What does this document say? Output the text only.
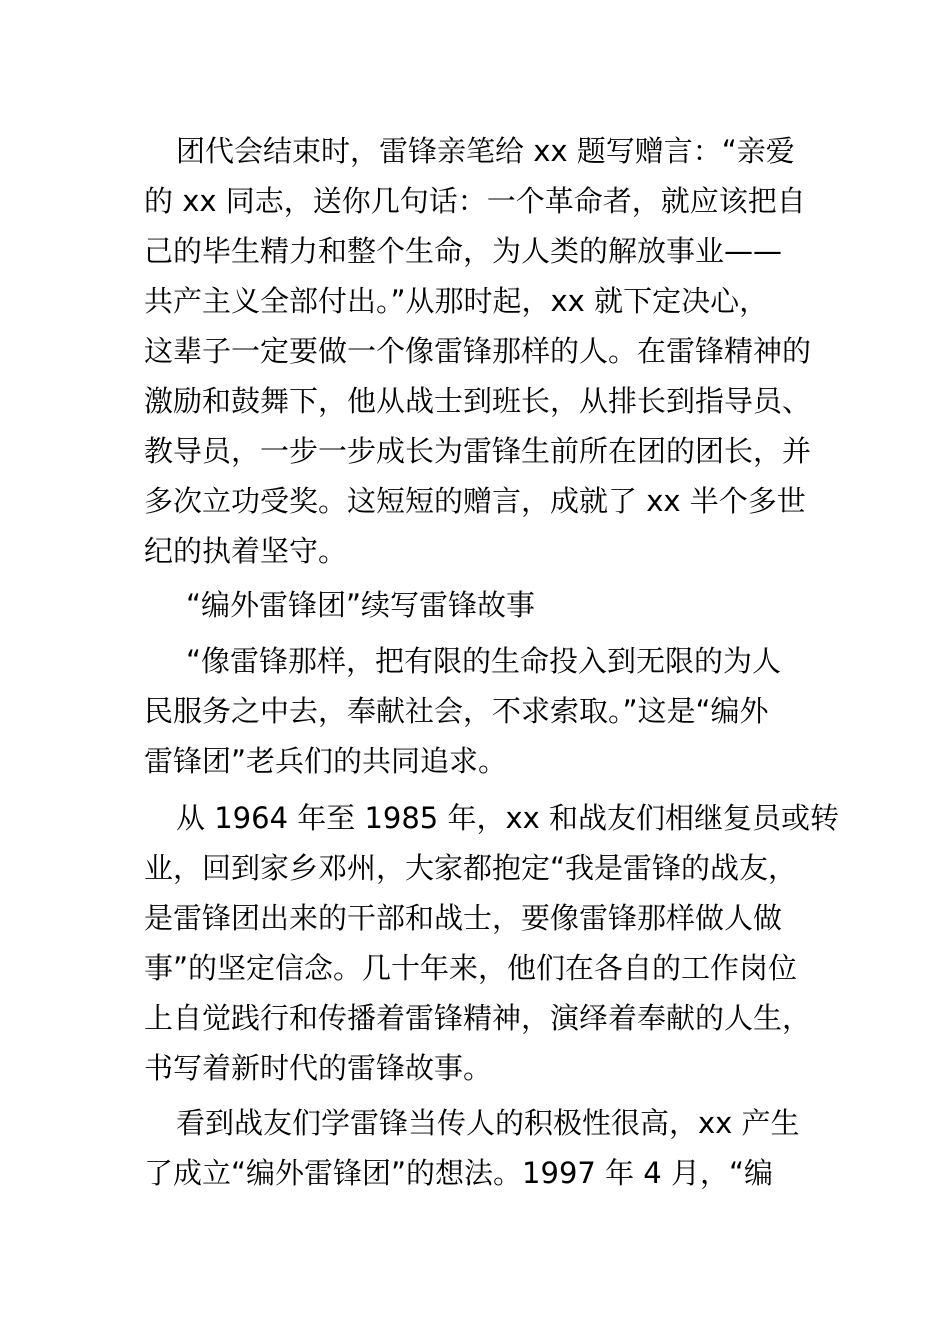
团代会结束时，雷锋亲笔给 xx 题写赠言：“亲爱
的 xx 同志，送你几句话：一个革命者，就应该把自
己的毕生精力和整个生命，为人类的解放事业——
共产主义全部付出。”从那时起，xx 就下定决心，
这辈子一定要做一个像雷锋那样的人。在雷锋精神的
激励和鼓舞下，他从战士到班长，从排长到指导员、
教导员，一步一步成长为雷锋生前所在团的团长，并
多次立功受奖。这短短的赠言，成就了 xx 半个多世
纪的执着坚守。
“编外雷锋团”续写雷锋故事
“像雷锋那样，把有限的生命投入到无限的为人
民服务之中去，奉献社会，不求索取。”这是“编外
雷锋团”老兵们的共同追求。
从 1964 年至 1985 年，xx 和战友们相继复员或转
业，回到家乡邓州，大家都抱定“我是雷锋的战友，
是雷锋团出来的干部和战士，要像雷锋那样做人做
事”的坚定信念。几十年来，他们在各自的工作岗位
上自觉践行和传播着雷锋精神，演绎着奉献的人生，
书写着新时代的雷锋故事。
看到战友们学雷锋当传人的积极性很高，xx 产生
了成立“编外雷锋团”的想法。1997 年 4 月，“编
